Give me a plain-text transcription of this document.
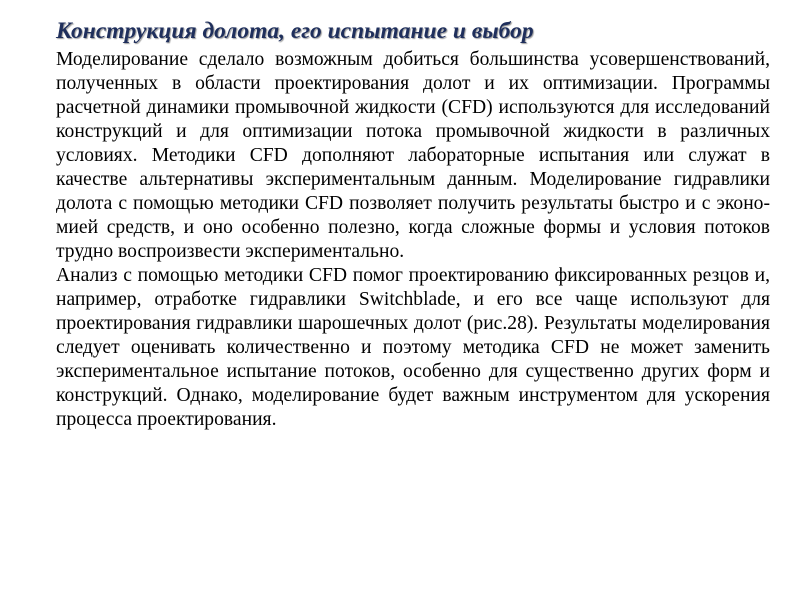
Конструкция долота, его испытание и выбор

Моделирование сделало возможным добиться большинства усовершенствований, полученных в области проектирования долот и их оптимизации. Программы расчетной динамики промывочной жидкости (CFD) используются для исследований конструкций и для оптимизации потока промывочной жидкости в различных условиях. Методики CFD дополняют лабораторные испытания или служат в качестве альтернативы экспериментальным данным. Моделирование гидравлики долота с помощью методики CFD позволяет получить результаты быстро и с эконо-мией средств, и оно особенно полезно, когда сложные формы и условия потоков трудно воспроизвести экспериментально.

Анализ с помощью методики CFD помог проектированию фиксированных резцов и, например, отработке гидравлики Switchblade, и его все чаще используют для проектирования гидравлики шарошечных долот (рис.28). Результаты моделирования следует оценивать количественно и поэтому методика CFD не может заменить экспериментальное испытание потоков, особенно для существенно других форм и конструкций. Однако, моделирование будет важным инструментом для ускорения процесса проектирования.
